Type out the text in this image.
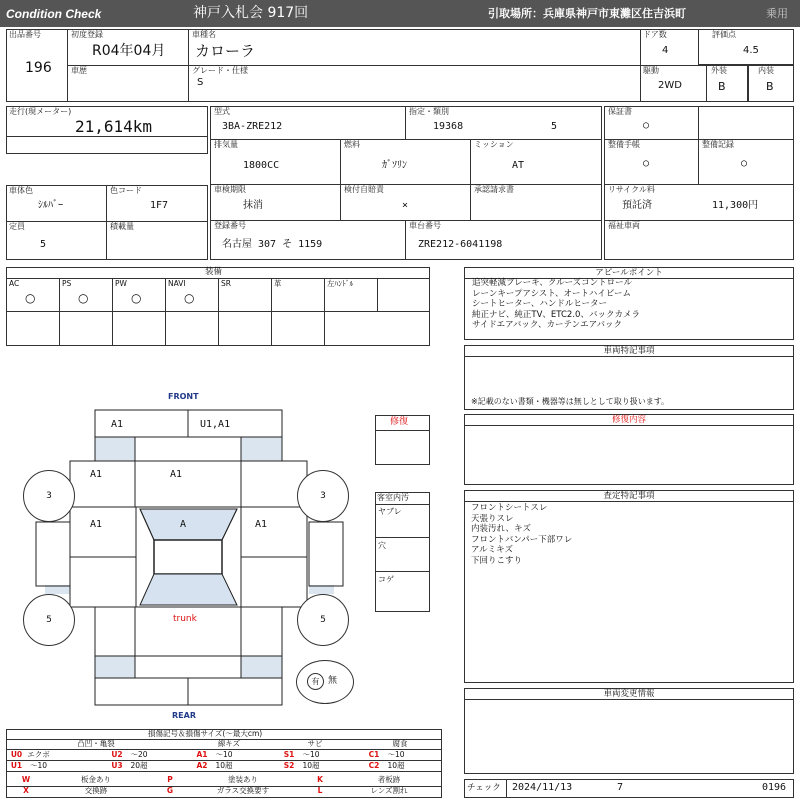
Condition Check	神戸入札会 917回	引取場所：兵庫県神戸市東灘区住吉浜町	乗用
出品番号
196
初度登録
R04年04月
車種名
カローラ
ドア数
4
評価点
4.5
車歴	グレード・仕様
S
駆動
2WD
外装
B
内装
B
走行(現メーター)
21,614km
車体色
ｼﾙﾊﾞｰ
色コード
1F7
定員
5
積載量
型式
3BA-ZRE212
指定・類別
19368	5
排気量
1800CC
燃料
ｶﾞｿﾘﾝ
ミッション
AT
車検期限
抹消
検付自賠責
×
承認請求書
登録番号
名古屋 307 そ 1159
車台番号
ZRE212-6041198
保証書
○
整備手帳
○
整備記録
○
リサイクル料
預託済	11,300円
福祉車両
装備
AC
○
PS
○
PW
○
NAVI
○
SR	革	左ﾊﾝﾄﾞﾙ
アピールポイント
追突軽減ブレーキ、クルーズコントロール
レーンキープアシスト、オートハイビーム
シートヒーター、ハンドルヒーター
純正ナビ、純正TV、ETC2.0、バックカメラ
サイドエアバック、カーテンエアバック
車両特記事項
※記載のない書類・機器等は無しとして取り扱います。
修復内容
査定特記事項
フロントシートスレ
天張りスレ
内装汚れ、キズ
フロントバンパー下部ワレ
アルミキズ
下回りこすり
車両変更情報
チェック 2024/11/13	7	0196
FRONT
REAR
A1	U1,A1
A1	A1
A1	A	A1
trunk
3	3
5	5
有 無
修復
客室内汚
ヤブレ
穴
コゲ
損傷記号＆損傷サイズ(〜最大cm)
凸凹・亀裂	線キズ	サビ	腐食
U0 エクボ	U2	〜20	A1	〜10	S1	〜10	C1	〜10
U1	〜10	U3	20超	A2	10超	S2	10超	C2	10超
W	板金あり	P	塗装あり	K	者板跡
X	交換跡	G	ガラス交換要す	L	レンズ割れ
